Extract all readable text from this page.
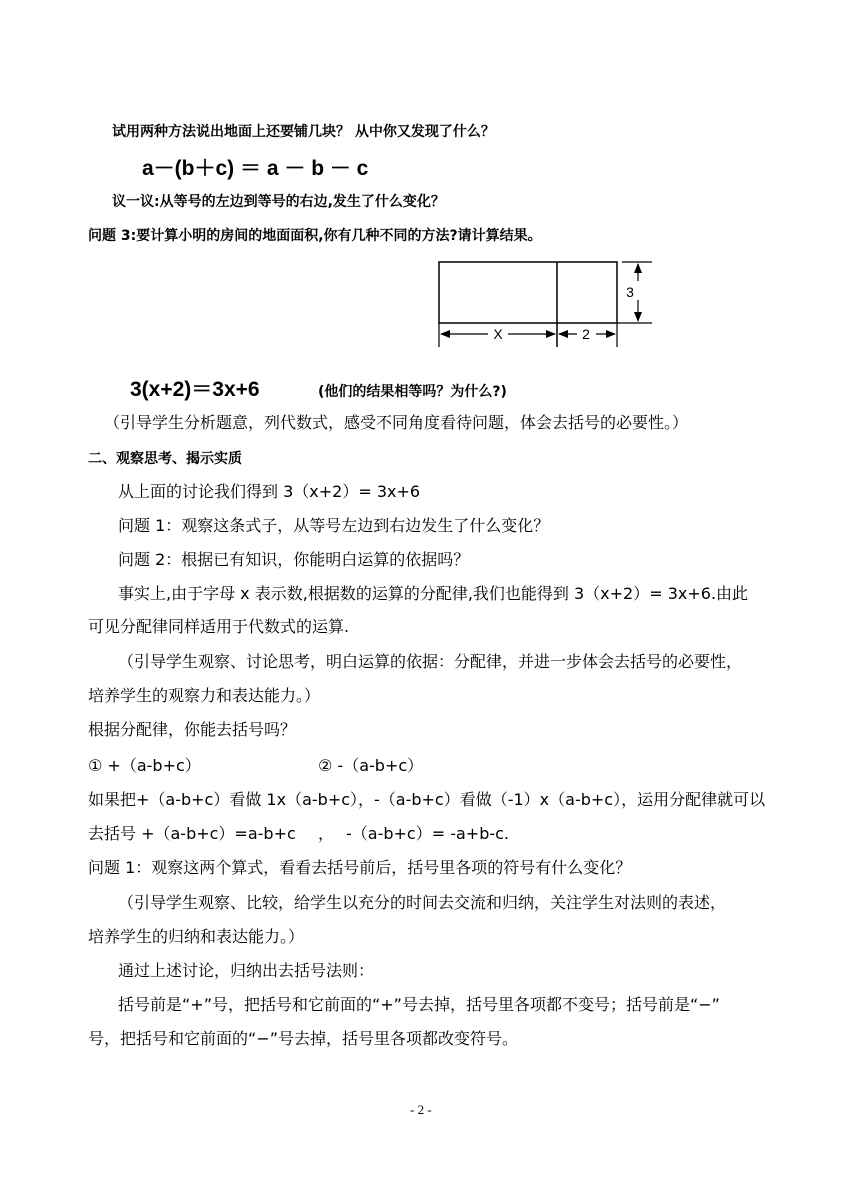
试用两种方法说出地面上还要铺几块？ 从中你又发现了什么？
a－(b＋c) ＝ a － b － c
议一议:从等号的左边到等号的右边,发生了什么变化？
问题 3:要计算小明的房间的地面面积,你有几种不同的方法?请计算结果。
X	2
3
3(x+2)＝3x+6	(他们的结果相等吗？为什么?)
（引导学生分析题意，列代数式，感受不同角度看待问题，体会去括号的必要性。）
二、观察思考、揭示实质
从上面的讨论我们得到 3（x+2）= 3x+6
问题 1：观察这条式子，从等号左边到右边发生了什么变化？
问题 2：根据已有知识，你能明白运算的依据吗？
事实上,由于字母 x 表示数,根据数的运算的分配律,我们也能得到 3（x+2）= 3x+6.由此
可见分配律同样适用于代数式的运算.
（引导学生观察、讨论思考，明白运算的依据：分配律，并进一步体会去括号的必要性，
培养学生的观察力和表达能力。）
根据分配律，你能去括号吗？
① +（a-b+c）	② -（a-b+c）
如果把+（a-b+c）看做 1x（a-b+c），-（a-b+c）看做（-1）x（a-b+c），运用分配律就可以
去括号 +（a-b+c）=a-b+c ， -（a-b+c）= -a+b-c.
问题 1：观察这两个算式，看看去括号前后，括号里各项的符号有什么变化？
（引导学生观察、比较，给学生以充分的时间去交流和归纳，关注学生对法则的表述，
培养学生的归纳和表达能力。）
通过上述讨论，归纳出去括号法则：
括号前是“+”号，把括号和它前面的“+”号去掉，括号里各项都不变号；括号前是“−”
号，把括号和它前面的“−”号去掉，括号里各项都改变符号。
- 2 -
